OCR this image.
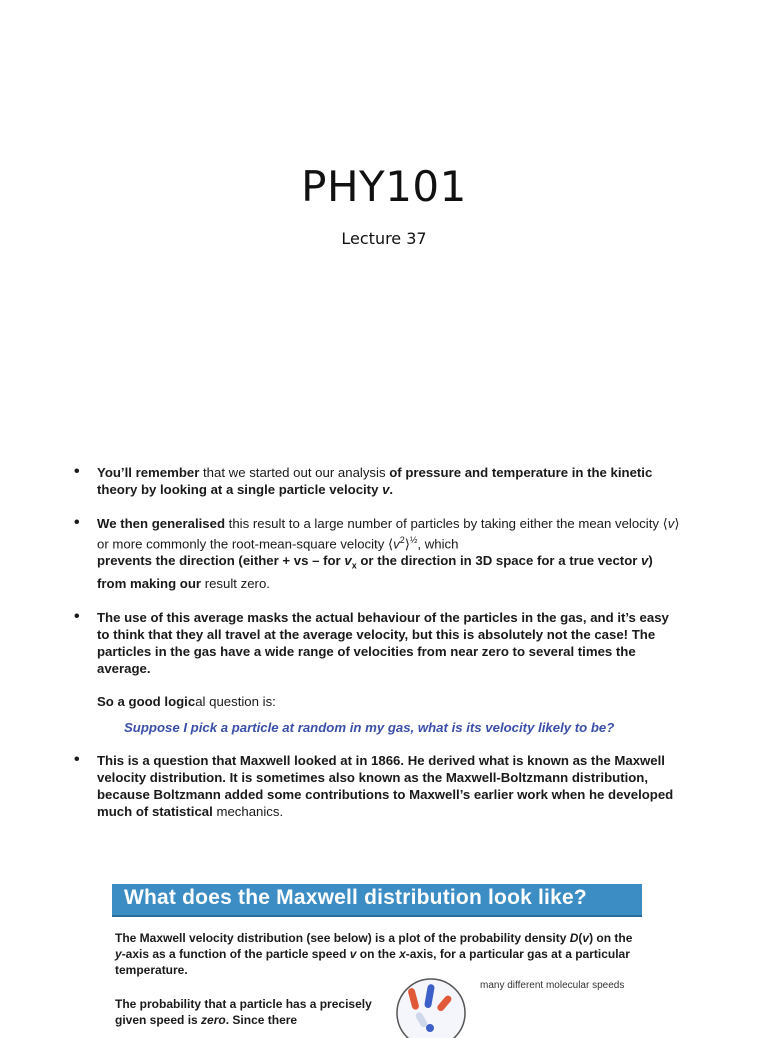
PHY101
Lecture 37
• You’ll remember that we started out our analysis of pressure and temperature in the kinetic theory by looking at a single particle velocity v.
• We then generalised this result to a large number of particles by taking either the mean velocity ⟨v⟩ or more commonly the root-mean-square velocity $⟨v^2⟩^{\frac{1}{2}}$, which
prevents the direction (either + vs – for $v_x$ or the direction in 3D space for a true vector v) from making our result zero.
• The use of this average masks the actual behaviour of the particles in the gas, and it’s easy to think that they all travel at the average velocity, but this is absolutely not the case! The particles in the gas have a wide range of velocities from near zero to several times the average.
So a good logical question is:
Suppose I pick a particle at random in my gas, what is its velocity likely to be?
• This is a question that Maxwell looked at in 1866. He derived what is known as the Maxwell velocity distribution. It is sometimes also known as the Maxwell-Boltzmann distribution, because Boltzmann added some contributions to Maxwell’s earlier work when he developed much of statistical mechanics.
What does the Maxwell distribution look like?
The Maxwell velocity distribution (see below) is a plot of the probability density D(v) on the y-axis as a function of the particle speed v on the x-axis, for a particular gas at a particular temperature.
The probability that a particle has a precisely given speed is zero. Since there
many different molecular speeds
